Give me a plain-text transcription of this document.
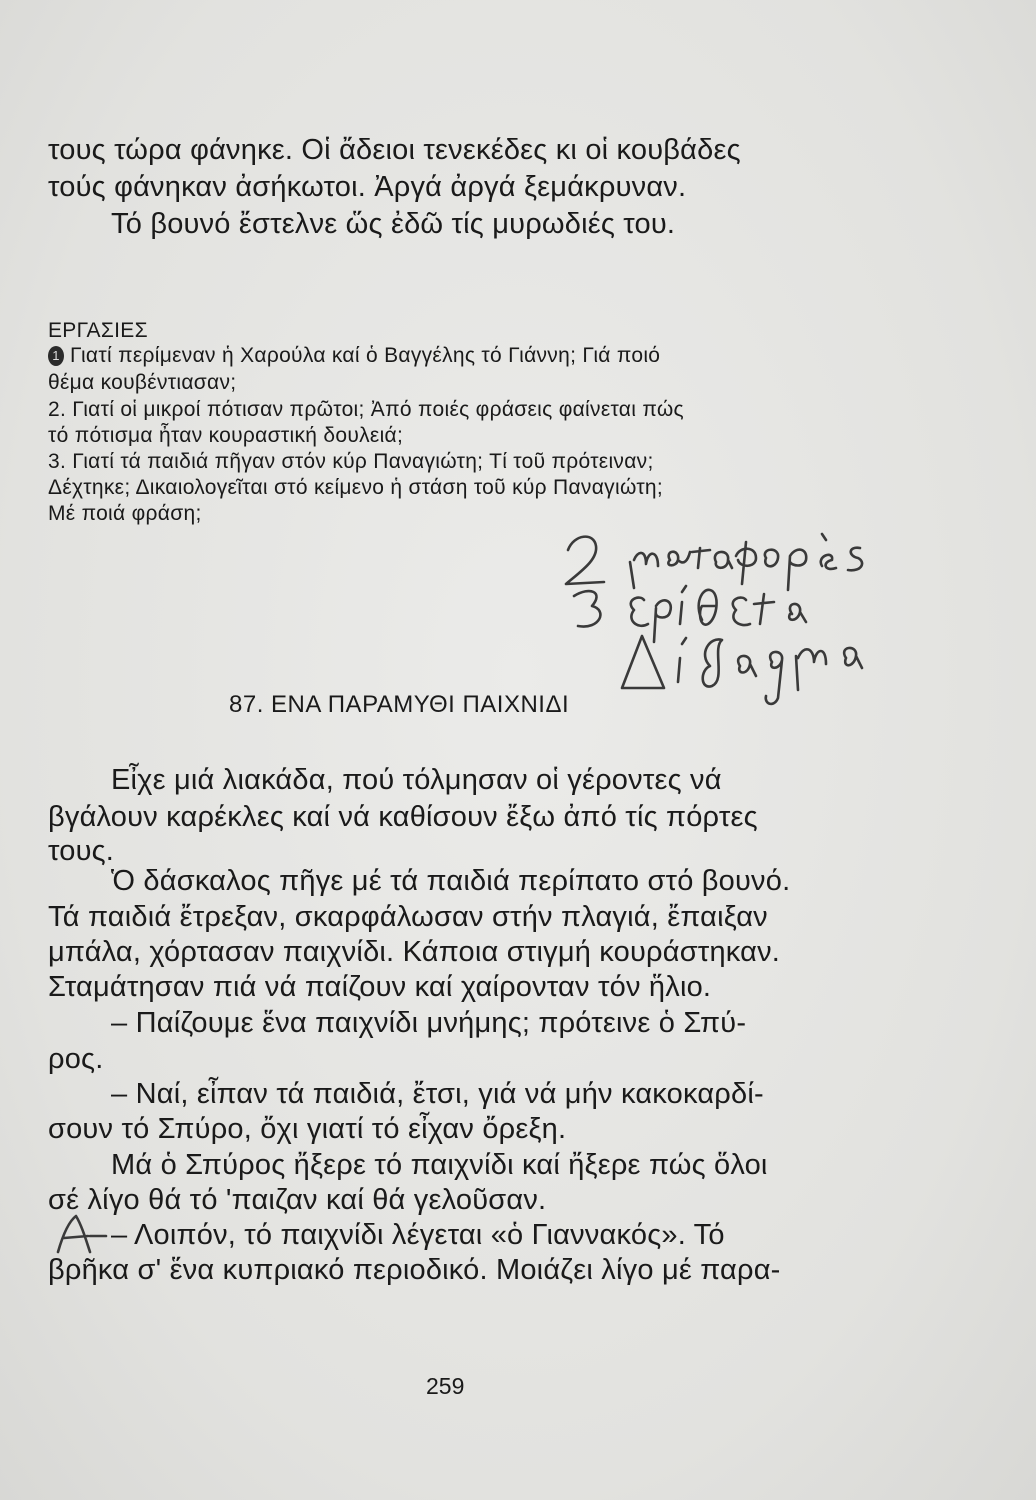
τους τώρα φάνηκε. Οἱ ἄδειοι τενεκέδες κι οἱ κουβάδες
τούς φάνηκαν ἀσήκωτοι. Ἀργά ἀργά ξεμάκρυναν.
Τό βουνό ἔστελνε ὥς ἐδῶ τίς μυρωδιές του.
ΕΡΓΑΣΙΕΣ
1 Γιατί περίμεναν ἡ Χαρούλα καί ὁ Βαγγέλης τό Γιάννη; Γιά ποιό
θέμα κουβέντιασαν;
2. Γιατί οἱ μικροί πότισαν πρῶτοι; Ἀπό ποιές φράσεις φαίνεται πώς
τό πότισμα ἦταν κουραστική δουλειά;
3. Γιατί τά παιδιά πῆγαν στόν κύρ Παναγιώτη; Τί τοῦ πρότειναν;
Δέχτηκε; Δικαιολογεῖται στό κείμενο ἡ στάση τοῦ κύρ Παναγιώτη;
Μέ ποιά φράση;
87. ΕΝΑ ΠΑΡΑΜΥΘΙ ΠΑΙΧΝΙΔΙ
Εἶχε μιά λιακάδα, πού τόλμησαν οἱ γέροντες νά
βγάλουν καρέκλες καί νά καθίσουν ἔξω ἀπό τίς πόρτες
τους.
Ὁ δάσκαλος πῆγε μέ τά παιδιά περίπατο στό βουνό.
Τά παιδιά ἔτρεξαν, σκαρφάλωσαν στήν πλαγιά, ἔπαιξαν
μπάλα, χόρτασαν παιχνίδι. Κάποια στιγμή κουράστηκαν.
Σταμάτησαν πιά νά παίζουν καί χαίρονταν τόν ἥλιο.
– Παίζουμε ἕνα παιχνίδι μνήμης; πρότεινε ὁ Σπύ-
ρος.
– Ναί, εἶπαν τά παιδιά, ἔτσι, γιά νά μήν κακοκαρδί-
σουν τό Σπύρο, ὄχι γιατί τό εἶχαν ὄρεξη.
Μά ὁ Σπύρος ἤξερε τό παιχνίδι καί ἤξερε πώς ὅλοι
σέ λίγο θά τό 'παιζαν καί θά γελοῦσαν.
– Λοιπόν, τό παιχνίδι λέγεται «ὁ Γιαννακός». Τό
βρῆκα σ' ἕνα κυπριακό περιοδικό. Μοιάζει λίγο μέ παρα-
259
